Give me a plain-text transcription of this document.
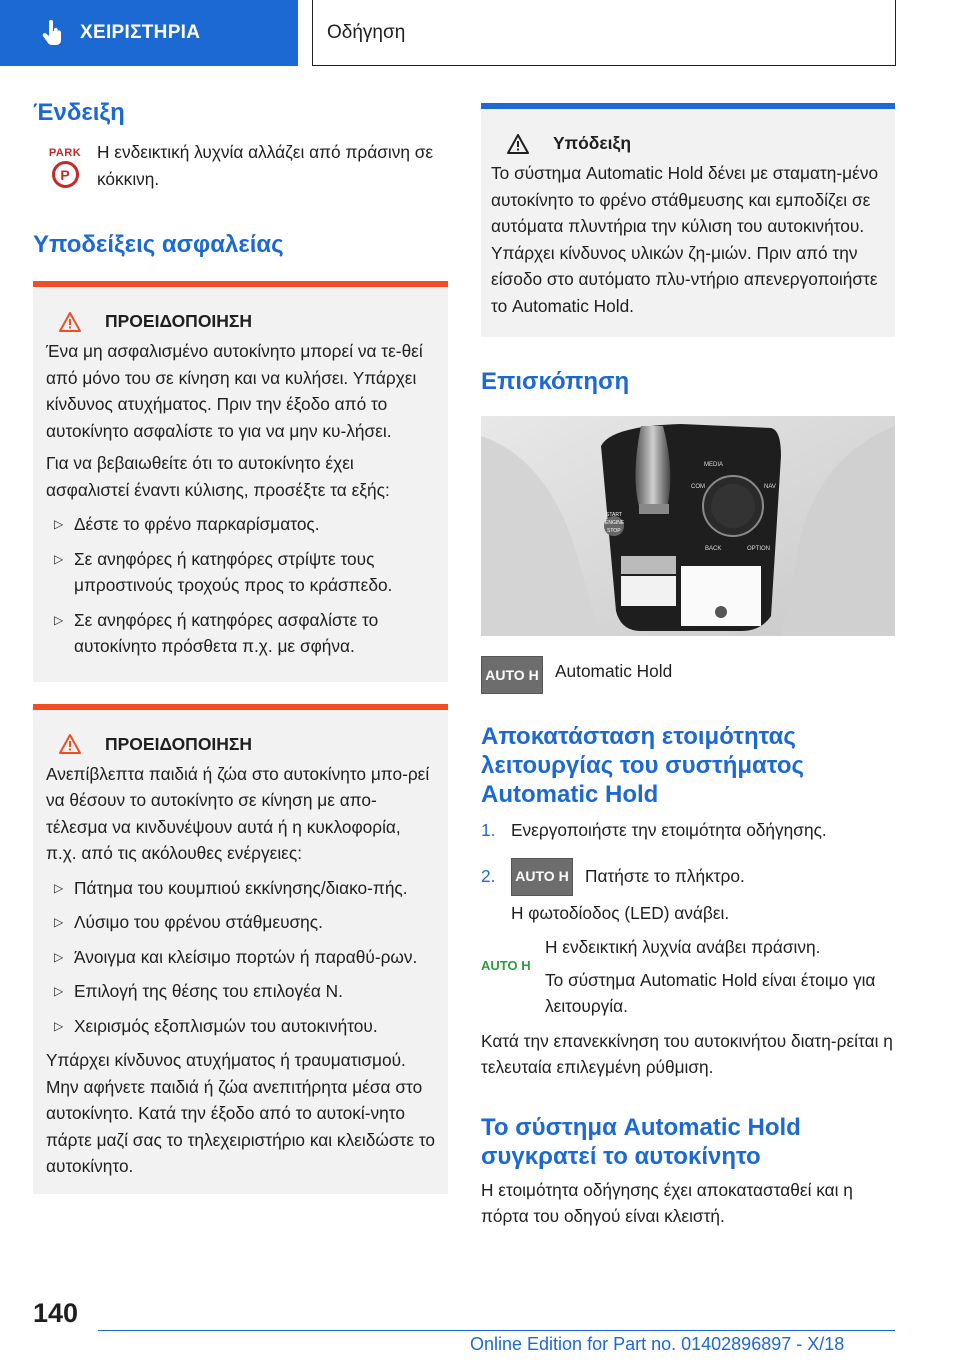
ΧΕΙΡΙΣΤΗΡΙΑ	Οδήγηση
Ένδειξη
PARK
P
Η ενδεικτική λυχνία αλλάζει από πράσινη σε κόκκινη.
Υποδείξεις ασφαλείας
ΠΡΟΕΙΔΟΠΟΙΗΣΗ

Ένα μη ασφαλισμένο αυτοκίνητο μπορεί να τε-θεί από μόνο του σε κίνηση και να κυλήσει. Υπάρχει κίνδυνος ατυχήματος. Πριν την έξοδο από το αυτοκίνητο ασφαλίστε το για να μην κυ-λήσει.

Για να βεβαιωθείτε ότι το αυτοκίνητο έχει ασφαλιστεί έναντι κύλισης, προσέξτε τα εξής:

▷ Δέστε το φρένο παρκαρίσματος.
▷ Σε ανηφόρες ή κατηφόρες στρίψτε τους μπροστινούς τροχούς προς το κράσπεδο.
▷ Σε ανηφόρες ή κατηφόρες ασφαλίστε το αυτοκίνητο πρόσθετα π.χ. με σφήνα.
ΠΡΟΕΙΔΟΠΟΙΗΣΗ

Ανεπίβλεπτα παιδιά ή ζώα στο αυτοκίνητο μπο-ρεί να θέσουν το αυτοκίνητο σε κίνηση με απο-τέλεσμα να κινδυνέψουν αυτά ή η κυκλοφορία, π.χ. από τις ακόλουθες ενέργειες:

▷ Πάτημα του κουμπιού εκκίνησης/διακο-πής.
▷ Λύσιμο του φρένου στάθμευσης.
▷ Άνοιγμα και κλείσιμο πορτών ή παραθύ-ρων.
▷ Επιλογή της θέσης του επιλογέα N.
▷ Χειρισμός εξοπλισμών του αυτοκινήτου.

Υπάρχει κίνδυνος ατυχήματος ή τραυματισμού. Μην αφήνετε παιδιά ή ζώα ανεπιτήρητα μέσα στο αυτοκίνητο. Κατά την έξοδο από το αυτοκί-νητο πάρτε μαζί σας το τηλεχειριστήριο και κλειδώστε το αυτοκίνητο.

Υπόδειξη

Το σύστημα Automatic Hold δένει με σταματη-μένο αυτοκίνητο το φρένο στάθμευσης και εμποδίζει σε αυτόματα πλυντήρια την κύλιση του αυτοκινήτου. Υπάρχει κίνδυνος υλικών ζη-μιών. Πριν από την είσοδο στο αυτόματο πλυ-ντήριο απενεργοποιήστε το Automatic Hold.

Επισκόπηση
MEDIA
COM	NAV
BACK	OPTION
START
ENGINE
STOP
AUTO H Automatic Hold
Αποκατάσταση ετοιμότητας λειτουργίας του συστήματος Automatic Hold
1. Ενεργοποιήστε την ετοιμότητα οδήγησης.
2.	AUTO H Πατήστε το πλήκτρο.
Η φωτοδίοδος (LED) ανάβει.
AUTO H

Η ενδεικτική λυχνία ανάβει πράσινη.

Το σύστημα Automatic Hold είναι έτοιμο για λειτουργία.

Κατά την επανεκκίνηση του αυτοκινήτου διατη-ρείται η τελευταία επιλεγμένη ρύθμιση.

Το σύστημα Automatic Hold συγκρατεί το αυτοκίνητο

Η ετοιμότητα οδήγησης έχει αποκατασταθεί και η πόρτα του οδηγού είναι κλειστή.

140
Online Edition for Part no. 01402896897 - X/18
